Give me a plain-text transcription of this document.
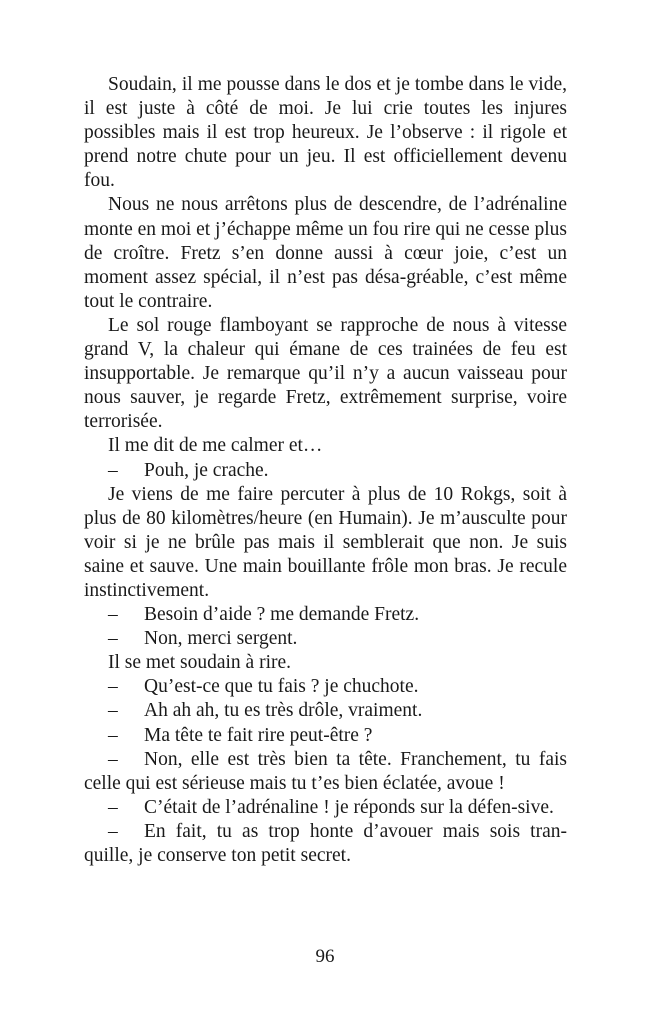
Soudain, il me pousse dans le dos et je tombe dans le vide, il est juste à côté de moi. Je lui crie toutes les injures possibles mais il est trop heureux. Je l’observe : il rigole et prend notre chute pour un jeu. Il est officiellement devenu fou.

Nous ne nous arrêtons plus de descendre, de l’adrénaline monte en moi et j’échappe même un fou rire qui ne cesse plus de croître. Fretz s’en donne aussi à cœur joie, c’est un moment assez spécial, il n’est pas désa-gréable, c’est même tout le contraire.

Le sol rouge flamboyant se rapproche de nous à vitesse grand V, la chaleur qui émane de ces trainées de feu est insupportable. Je remarque qu’il n’y a aucun vaisseau pour nous sauver, je regarde Fretz, extrêmement surprise, voire terrorisée.

Il me dit de me calmer et…

– Pouh, je crache.

Je viens de me faire percuter à plus de 10 Rokgs, soit à plus de 80 kilomètres/heure (en Humain). Je m’ausculte pour voir si je ne brûle pas mais il semblerait que non. Je suis saine et sauve. Une main bouillante frôle mon bras. Je recule instinctivement.

– Besoin d’aide ? me demande Fretz.

– Non, merci sergent.

Il se met soudain à rire.

– Qu’est-ce que tu fais ? je chuchote.

– Ah ah ah, tu es très drôle, vraiment.

– Ma tête te fait rire peut-être ?

– Non, elle est très bien ta tête. Franchement, tu fais celle qui est sérieuse mais tu t’es bien éclatée, avoue !

– C’était de l’adrénaline ! je réponds sur la défen-sive.

– En fait, tu as trop honte d’avouer mais sois tran-quille, je conserve ton petit secret.

96
